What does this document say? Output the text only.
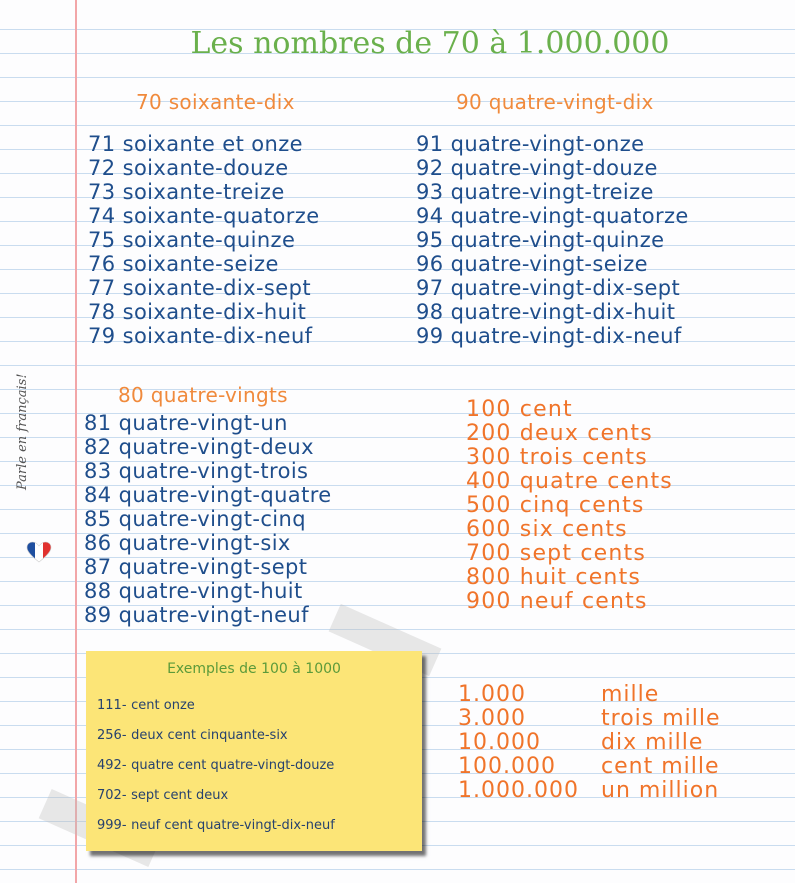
Parle en français!
Les nombres de 70 à 1.000.000
70 soixante-dix	90 quatre-vingt-dix
71 soixante et onze
72 soixante-douze
73 soixante-treize
74 soixante-quatorze
75 soixante-quinze
76 soixante-seize
77 soixante-dix-sept
78 soixante-dix-huit
79 soixante-dix-neuf
91 quatre-vingt-onze
92 quatre-vingt-douze
93 quatre-vingt-treize
94 quatre-vingt-quatorze
95 quatre-vingt-quinze
96 quatre-vingt-seize
97 quatre-vingt-dix-sept
98 quatre-vingt-dix-huit
99 quatre-vingt-dix-neuf
80 quatre-vingts
81 quatre-vingt-un
82 quatre-vingt-deux
83 quatre-vingt-trois
84 quatre-vingt-quatre
85 quatre-vingt-cinq
86 quatre-vingt-six
87 quatre-vingt-sept
88 quatre-vingt-huit
89 quatre-vingt-neuf
100 cent
200 deux cents
300 trois cents
400 quatre cents
500 cinq cents
600 six cents
700 sept cents
800 huit cents
900 neuf cents
1.000	mille
3.000	trois mille
10.000	dix mille
100.000 cent mille
1.000.000 un million
Exemples de 100 à 1000
111- cent onze
256- deux cent cinquante-six
492- quatre cent quatre-vingt-douze
702- sept cent deux
999- neuf cent quatre-vingt-dix-neuf
